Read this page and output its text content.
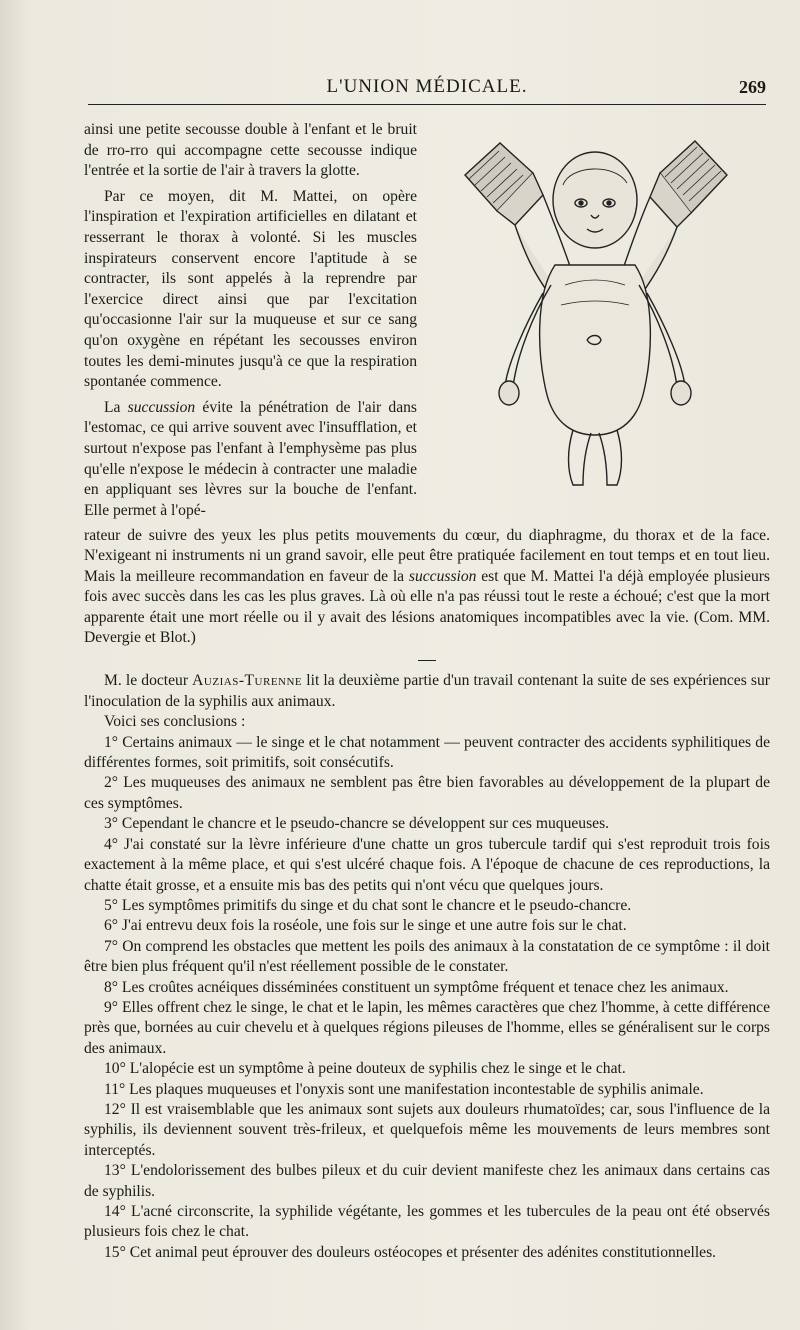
L'UNION MÉDICALE.	269

ainsi une petite secousse double à l'enfant et le bruit de rro-rro qui accompagne cette secousse indique l'entrée et la sortie de l'air à travers la glotte.

Par ce moyen, dit M. Mattei, on opère l'inspiration et l'expiration artificielles en dilatant et resserrant le thorax à volonté. Si les muscles inspirateurs conservent encore l'aptitude à se contracter, ils sont appelés à la reprendre par l'exercice direct ainsi que par l'excitation qu'occasionne l'air sur la muqueuse et sur ce sang qu'on oxygène en répétant les secousses environ toutes les demi-minutes jusqu'à ce que la respiration spontanée commence.

La succussion évite la pénétration de l'air dans l'estomac, ce qui arrive souvent avec l'insufflation, et surtout n'expose pas l'enfant à l'emphysème pas plus qu'elle n'expose le médecin à contracter une maladie en appliquant ses lèvres sur la bouche de l'enfant. Elle permet à l'opé-

rateur de suivre des yeux les plus petits mouvements du cœur, du diaphragme, du thorax et de la face. N'exigeant ni instruments ni un grand savoir, elle peut être pratiquée facilement en tout temps et en tout lieu. Mais la meilleure recommandation en faveur de la succussion est que M. Mattei l'a déjà employée plusieurs fois avec succès dans les cas les plus graves. Là où elle n'a pas réussi tout le reste a échoué; c'est que la mort apparente était une mort réelle ou il y avait des lésions anatomiques incompatibles avec la vie. (Com. MM. Devergie et Blot.)

M. le docteur Auzias-Turenne lit la deuxième partie d'un travail contenant la suite de ses expériences sur l'inoculation de la syphilis aux animaux.

Voici ses conclusions :

1° Certains animaux — le singe et le chat notamment — peuvent contracter des accidents syphilitiques de différentes formes, soit primitifs, soit consécutifs.

2° Les muqueuses des animaux ne semblent pas être bien favorables au développement de la plupart de ces symptômes.

3° Cependant le chancre et le pseudo-chancre se développent sur ces muqueuses.

4° J'ai constaté sur la lèvre inférieure d'une chatte un gros tubercule tardif qui s'est reproduit trois fois exactement à la même place, et qui s'est ulcéré chaque fois. A l'époque de chacune de ces reproductions, la chatte était grosse, et a ensuite mis bas des petits qui n'ont vécu que quelques jours.

5° Les symptômes primitifs du singe et du chat sont le chancre et le pseudo-chancre.

6° J'ai entrevu deux fois la roséole, une fois sur le singe et une autre fois sur le chat.

7° On comprend les obstacles que mettent les poils des animaux à la constatation de ce symptôme : il doit être bien plus fréquent qu'il n'est réellement possible de le constater.

8° Les croûtes acnéiques disséminées constituent un symptôme fréquent et tenace chez les animaux.

9° Elles offrent chez le singe, le chat et le lapin, les mêmes caractères que chez l'homme, à cette différence près que, bornées au cuir chevelu et à quelques régions pileuses de l'homme, elles se généralisent sur le corps des animaux.

10° L'alopécie est un symptôme à peine douteux de syphilis chez le singe et le chat.

11° Les plaques muqueuses et l'onyxis sont une manifestation incontestable de syphilis animale.

12° Il est vraisemblable que les animaux sont sujets aux douleurs rhumatoïdes; car, sous l'influence de la syphilis, ils deviennent souvent très-frileux, et quelquefois même les mouvements de leurs membres sont interceptés.

13° L'endolorissement des bulbes pileux et du cuir devient manifeste chez les animaux dans certains cas de syphilis.

14° L'acné circonscrite, la syphilide végétante, les gommes et les tubercules de la peau ont été observés plusieurs fois chez le chat.

15° Cet animal peut éprouver des douleurs ostéocopes et présenter des adénites constitutionnelles.
